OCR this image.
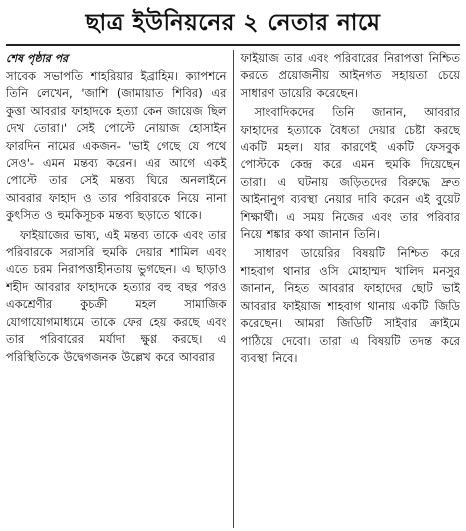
ছাত্র ইউনিয়নের ২ নেতার নামে
শেষ পৃষ্ঠার পর

সাবেক সভাপতি শাহরিয়ার ইব্রাহিম। ক্যাপশনে তিনি লেখেন, 'জাশি (জামায়াত শিবির) এর কুত্তা আবরার ফাহাদকে হত্যা কেন জায়েজ ছিল দেখ তোরা।' সেই পোস্টে নোয়াজ হোসাইন ফারদিন নামের একজন- 'ভাই গেছে যে পথে সেও'- এমন মন্তব্য করেন। এর আগে একই পোস্টে তার সেই মন্তব্য ঘিরে অনলাইনে আবরার ফাহাদ ও তার পরিবারকে নিয়ে নানা কুৎসিত ও হুমকিসূচক মন্তব্য ছড়াতে থাকে।

ফাইয়াজের ভাষ্য, এই মন্তব্য তাকে এবং তার পরিবারকে সরাসরি হুমকি দেয়ার শামিল এবং এতে চরম নিরাপত্তাহীনতায় ভুগছেন। এ ছাড়াও শহীদ আবরার ফাহাদকে হত্যার বহু বছর পরও একশ্রেণীর কুচক্রী মহল সামাজিক যোগাযোগমাধ্যমে তাকে ফের হেয় করছে এবং তার পরিবারের মর্যাদা ক্ষুণ্ণ করছে। এ পরিস্থিতিকে উদ্বেগজনক উল্লেখ করে আবরার

ফাইয়াজ তার এবং পরিবারের নিরাপত্তা নিশ্চিত করতে প্রয়োজনীয় আইনগত সহায়তা চেয়ে সাধারণ ডায়েরি করেছেন।

সাংবাদিকদের তিনি জানান, আবরার ফাহাদের হত্যাকে বৈধতা দেয়ার চেষ্টা করছে একটি মহল। যার কারণেই একটি ফেসবুক পোস্টকে কেন্দ্র করে এমন হুমকি দিয়েছেন তারা। এ ঘটনায় জড়িতদের বিরুদ্ধে দ্রুত আইনানুগ ব্যবস্থা নেয়ার দাবি করেন এই বুয়েট শিক্ষার্থী। এ সময় নিজের এবং তার পরিবার নিয়ে শঙ্কার কথা জানান তিনি।

সাধারণ ডায়েরির বিষয়টি নিশ্চিত করে শাহবাগ থানার ওসি মোহাম্মদ খালিদ মনসুর জানান, নিহত আবরার ফাহাদের ছোট ভাই আবরার ফাইয়াজ শাহবাগ থানায় একটি জিডি করেছেন। আমরা জিডিটি সাইবার ক্রাইমে পাঠিয়ে দেবো। তারা এ বিষয়টি তদন্ত করে ব্যবস্থা নিবে।
